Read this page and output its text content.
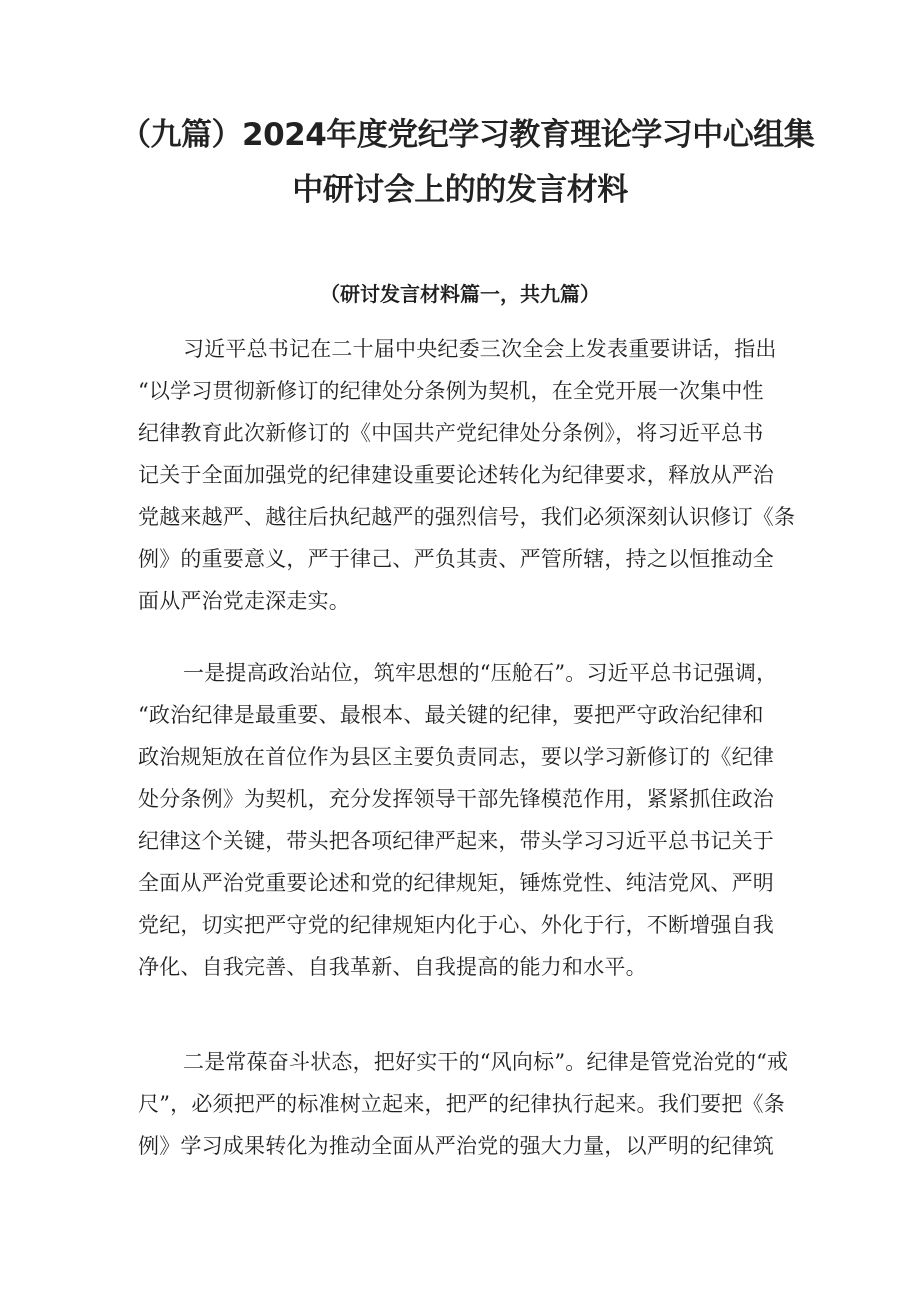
（九篇）2024年度党纪学习教育理论学习中心组集
中研讨会上的的发言材料

（研讨发言材料篇一，共九篇）

习近平总书记在二十届中央纪委三次全会上发表重要讲话，指出
“以学习贯彻新修订的纪律处分条例为契机，在全党开展一次集中性
纪律教育此次新修订的《中国共产党纪律处分条例》，将习近平总书
记关于全面加强党的纪律建设重要论述转化为纪律要求，释放从严治
党越来越严、越往后执纪越严的强烈信号，我们必须深刻认识修订《条
例》的重要意义，严于律己、严负其责、严管所辖，持之以恒推动全
面从严治党走深走实。
一是提高政治站位，筑牢思想的“压舱石”。习近平总书记强调，
“政治纪律是最重要、最根本、最关键的纪律，要把严守政治纪律和
政治规矩放在首位作为县区主要负责同志，要以学习新修订的《纪律
处分条例》为契机，充分发挥领导干部先锋模范作用，紧紧抓住政治
纪律这个关键，带头把各项纪律严起来，带头学习习近平总书记关于
全面从严治党重要论述和党的纪律规矩，锤炼党性、纯洁党风、严明
党纪，切实把严守党的纪律规矩内化于心、外化于行，不断增强自我
净化、自我完善、自我革新、自我提高的能力和水平。
二是常葆奋斗状态，把好实干的“风向标”。纪律是管党治党的“戒
尺”，必须把严的标准树立起来，把严的纪律执行起来。我们要把《条
例》学习成果转化为推动全面从严治党的强大力量，以严明的纪律筑
